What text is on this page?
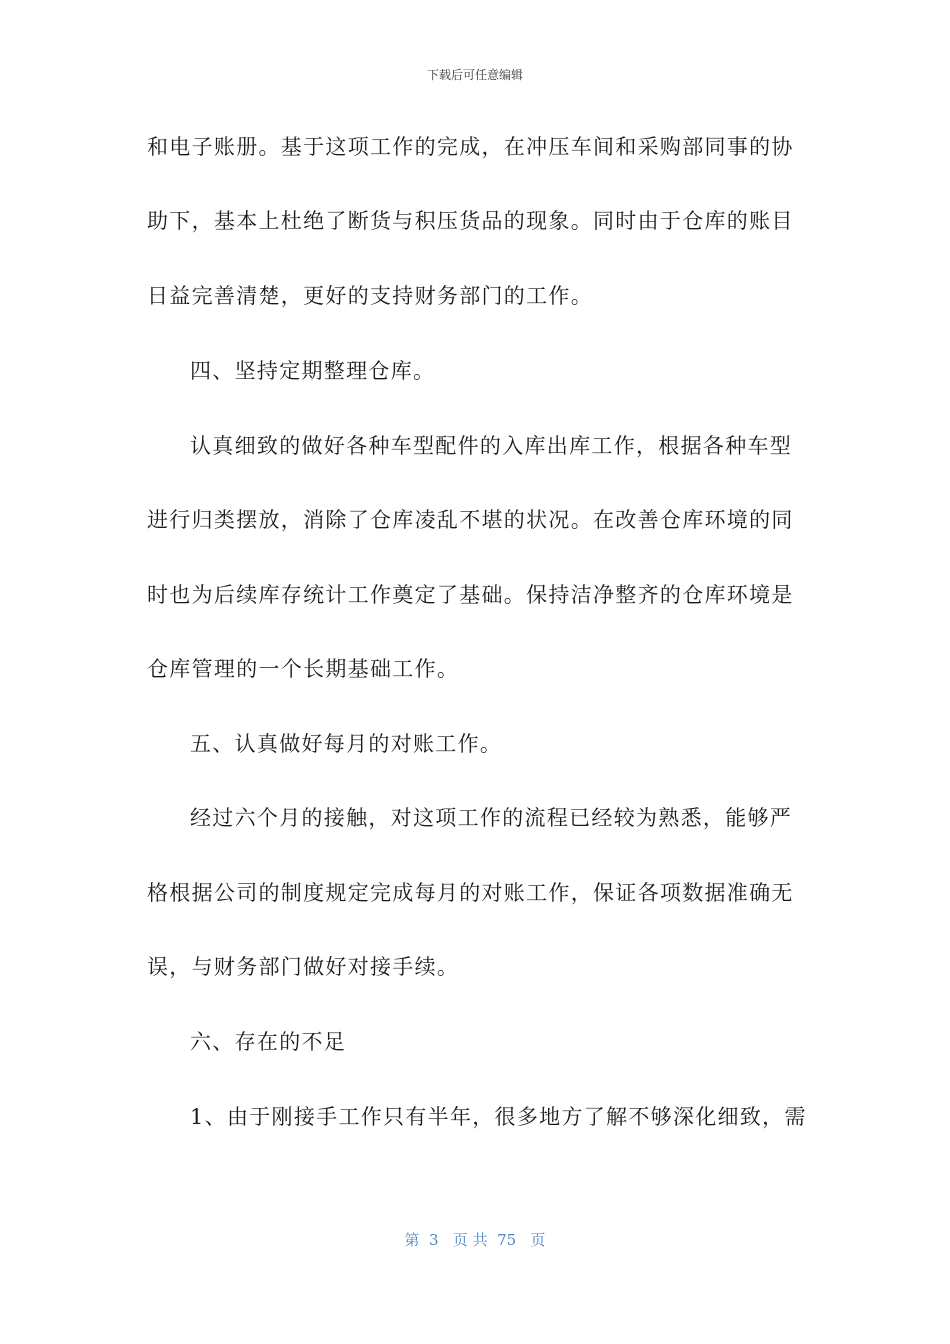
下载后可任意编辑
和电子账册。基于这项工作的完成，在冲压车间和采购部同事的协
助下，基本上杜绝了断货与积压货品的现象。同时由于仓库的账目
日益完善清楚，更好的支持财务部门的工作。
四、坚持定期整理仓库。
认真细致的做好各种车型配件的入库出库工作，根据各种车型
进行归类摆放，消除了仓库凌乱不堪的状况。在改善仓库环境的同
时也为后续库存统计工作奠定了基础。保持洁净整齐的仓库环境是
仓库管理的一个长期基础工作。
五、认真做好每月的对账工作。
经过六个月的接触，对这项工作的流程已经较为熟悉，能够严
格根据公司的制度规定完成每月的对账工作，保证各项数据准确无
误，与财务部门做好对接手续。
六、存在的不足
1、由于刚接手工作只有半年，很多地方了解不够深化细致，需
第  3   页 共  75   页
